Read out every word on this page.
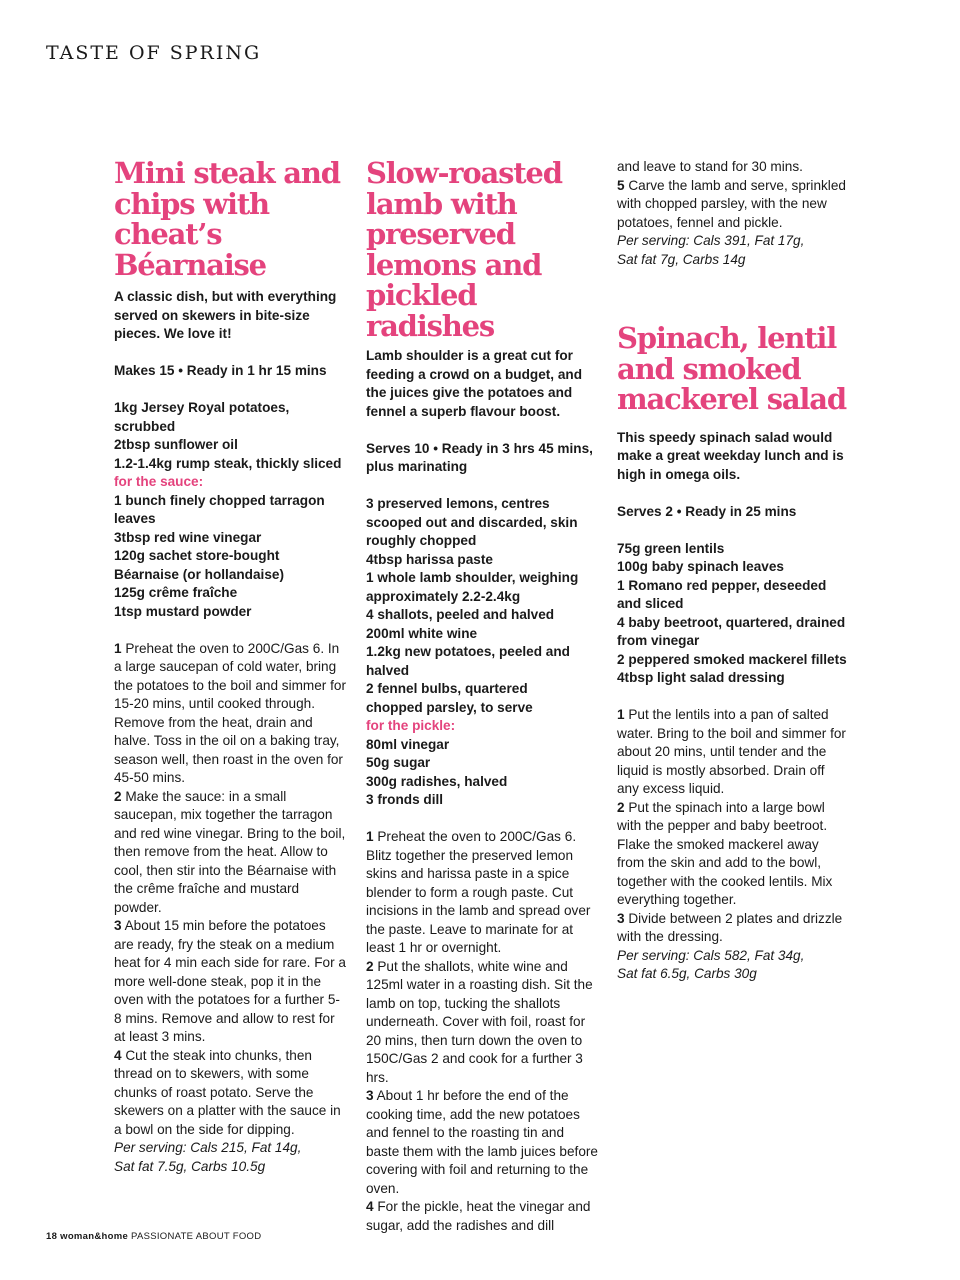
TASTE OF SPRING
Mini steak and chips with cheat’s Béarnaise

A classic dish, but with everything served on skewers in bite-size pieces. We love it!

Makes 15 • Ready in 1 hr 15 mins

1kg Jersey Royal potatoes, scrubbed

2tbsp sunflower oil

1.2-1.4kg rump steak, thickly sliced

for the sauce:

1 bunch finely chopped tarragon leaves

3tbsp red wine vinegar

120g sachet store-bought Béarnaise (or hollandaise)

125g crême fraîche

1tsp mustard powder

1 Preheat the oven to 200C/Gas 6. In a large saucepan of cold water, bring the potatoes to the boil and simmer for 15-20 mins, until cooked through. Remove from the heat, drain and halve. Toss in the oil on a baking tray, season well, then roast in the oven for 45-50 mins.

2 Make the sauce: in a small saucepan, mix together the tarragon and red wine vinegar. Bring to the boil, then remove from the heat. Allow to cool, then stir into the Béarnaise with the crême fraîche and mustard powder.

3 About 15 min before the potatoes are ready, fry the steak on a medium heat for 4 min each side for rare. For a more well-done steak, pop it in the oven with the potatoes for a further 5-8 mins. Remove and allow to rest for at least 3 mins.

4 Cut the steak into chunks, then thread on to skewers, with some chunks of roast potato. Serve the skewers on a platter with the sauce in a bowl on the side for dipping.

Per serving: Cals 215, Fat 14g,

Sat fat 7.5g, Carbs 10.5g

Slow-roasted lamb with preserved lemons and pickled radishes

Lamb shoulder is a great cut for feeding a crowd on a budget, and the juices give the potatoes and fennel a superb flavour boost.

Serves 10 • Ready in 3 hrs 45 mins, plus marinating

3 preserved lemons, centres scooped out and discarded, skin roughly chopped

4tbsp harissa paste

1 whole lamb shoulder, weighing approximately 2.2-2.4kg

4 shallots, peeled and halved

200ml white wine

1.2kg new potatoes, peeled and halved

2 fennel bulbs, quartered

chopped parsley, to serve

for the pickle:

80ml vinegar

50g sugar

300g radishes, halved

3 fronds dill

1 Preheat the oven to 200C/Gas 6. Blitz together the preserved lemon skins and harissa paste in a spice blender to form a rough paste. Cut incisions in the lamb and spread over the paste. Leave to marinate for at least 1 hr or overnight.

2 Put the shallots, white wine and 125ml water in a roasting dish. Sit the lamb on top, tucking the shallots underneath. Cover with foil, roast for 20 mins, then turn down the oven to 150C/Gas 2 and cook for a further 3 hrs.

3 About 1 hr before the end of the cooking time, add the new potatoes and fennel to the roasting tin and baste them with the lamb juices before covering with foil and returning to the oven.

4 For the pickle, heat the vinegar and sugar, add the radishes and dill

and leave to stand for 30 mins.

5 Carve the lamb and serve, sprinkled with chopped parsley, with the new potatoes, fennel and pickle.

Per serving: Cals 391, Fat 17g,

Sat fat 7g, Carbs 14g

Spinach, lentil and smoked mackerel salad

This speedy spinach salad would make a great weekday lunch and is high in omega oils.

Serves 2 • Ready in 25 mins

75g green lentils

100g baby spinach leaves

1 Romano red pepper, deseeded and sliced

4 baby beetroot, quartered, drained from vinegar

2 peppered smoked mackerel fillets

4tbsp light salad dressing

1 Put the lentils into a pan of salted water. Bring to the boil and simmer for about 20 mins, until tender and the liquid is mostly absorbed. Drain off any excess liquid.

2 Put the spinach into a large bowl with the pepper and baby beetroot. Flake the smoked mackerel away from the skin and add to the bowl, together with the cooked lentils. Mix everything together.

3 Divide between 2 plates and drizzle with the dressing.

Per serving: Cals 582, Fat 34g,

Sat fat 6.5g, Carbs 30g

18 woman&home PASSIONATE ABOUT FOOD
